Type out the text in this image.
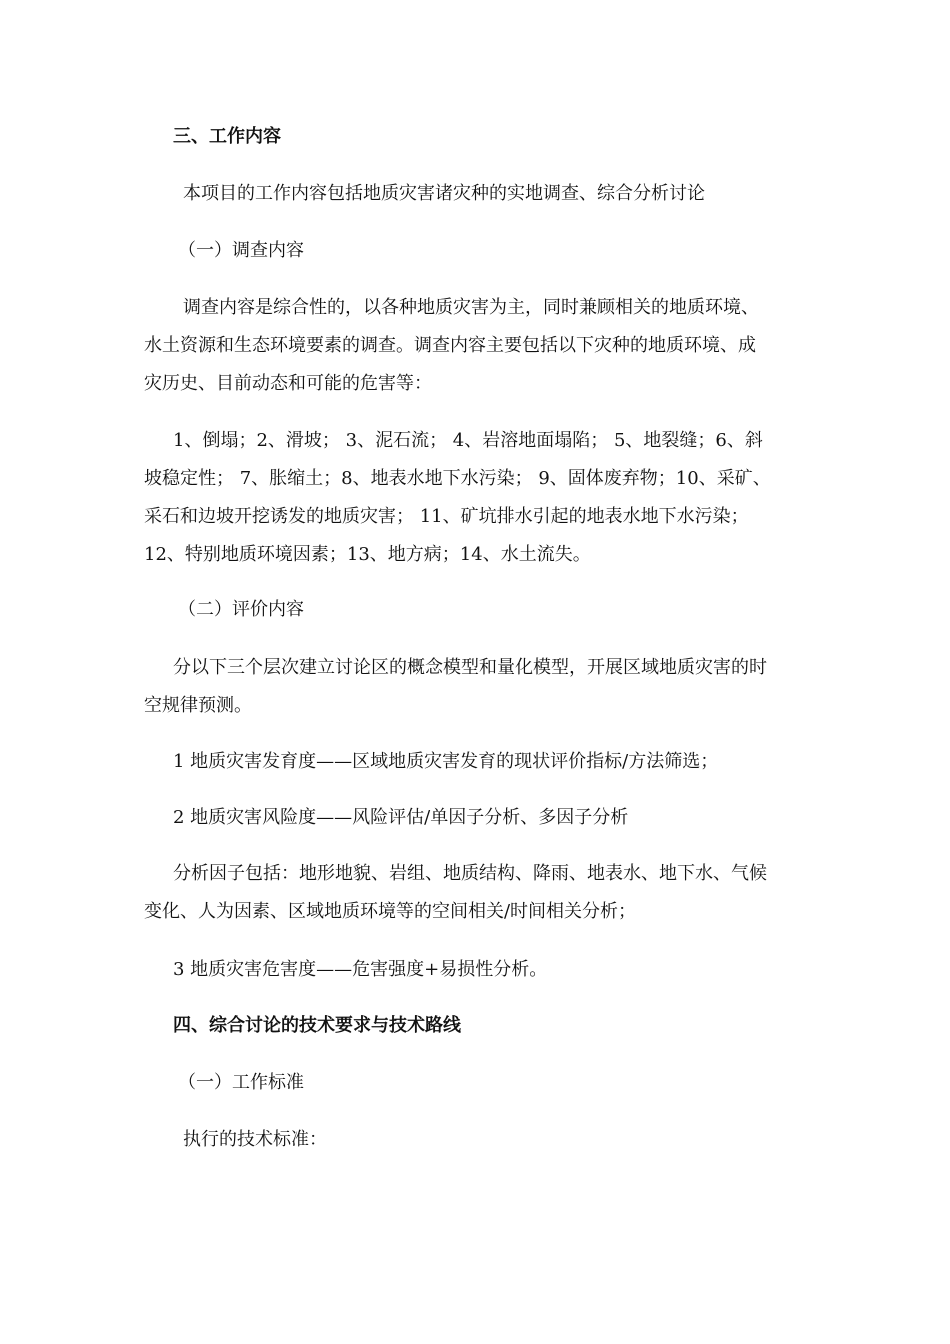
三、工作内容
本项目的工作内容包括地质灾害诸灾种的实地调查、综合分析讨论
（一）调查内容
调查内容是综合性的，以各种地质灾害为主，同时兼顾相关的地质环境、
水土资源和生态环境要素的调查。调查内容主要包括以下灾种的地质环境、成
灾历史、目前动态和可能的危害等：
1、倒塌；2、滑坡； 3、泥石流； 4、岩溶地面塌陷； 5、地裂缝；6、斜
坡稳定性； 7、胀缩土；8、地表水地下水污染； 9、固体废弃物；10、采矿、
采石和边坡开挖诱发的地质灾害； 11、矿坑排水引起的地表水地下水污染；
12、特别地质环境因素；13、地方病；14、水土流失。
（二）评价内容
分以下三个层次建立讨论区的概念模型和量化模型，开展区域地质灾害的时
空规律预测。
1 地质灾害发育度——区域地质灾害发育的现状评价指标/方法筛选；
2 地质灾害风险度——风险评估/单因子分析、多因子分析
分析因子包括：地形地貌、岩组、地质结构、降雨、地表水、地下水、气候
变化、人为因素、区域地质环境等的空间相关/时间相关分析；
3 地质灾害危害度——危害强度+易损性分析。
四、综合讨论的技术要求与技术路线
（一）工作标准
执行的技术标准：
